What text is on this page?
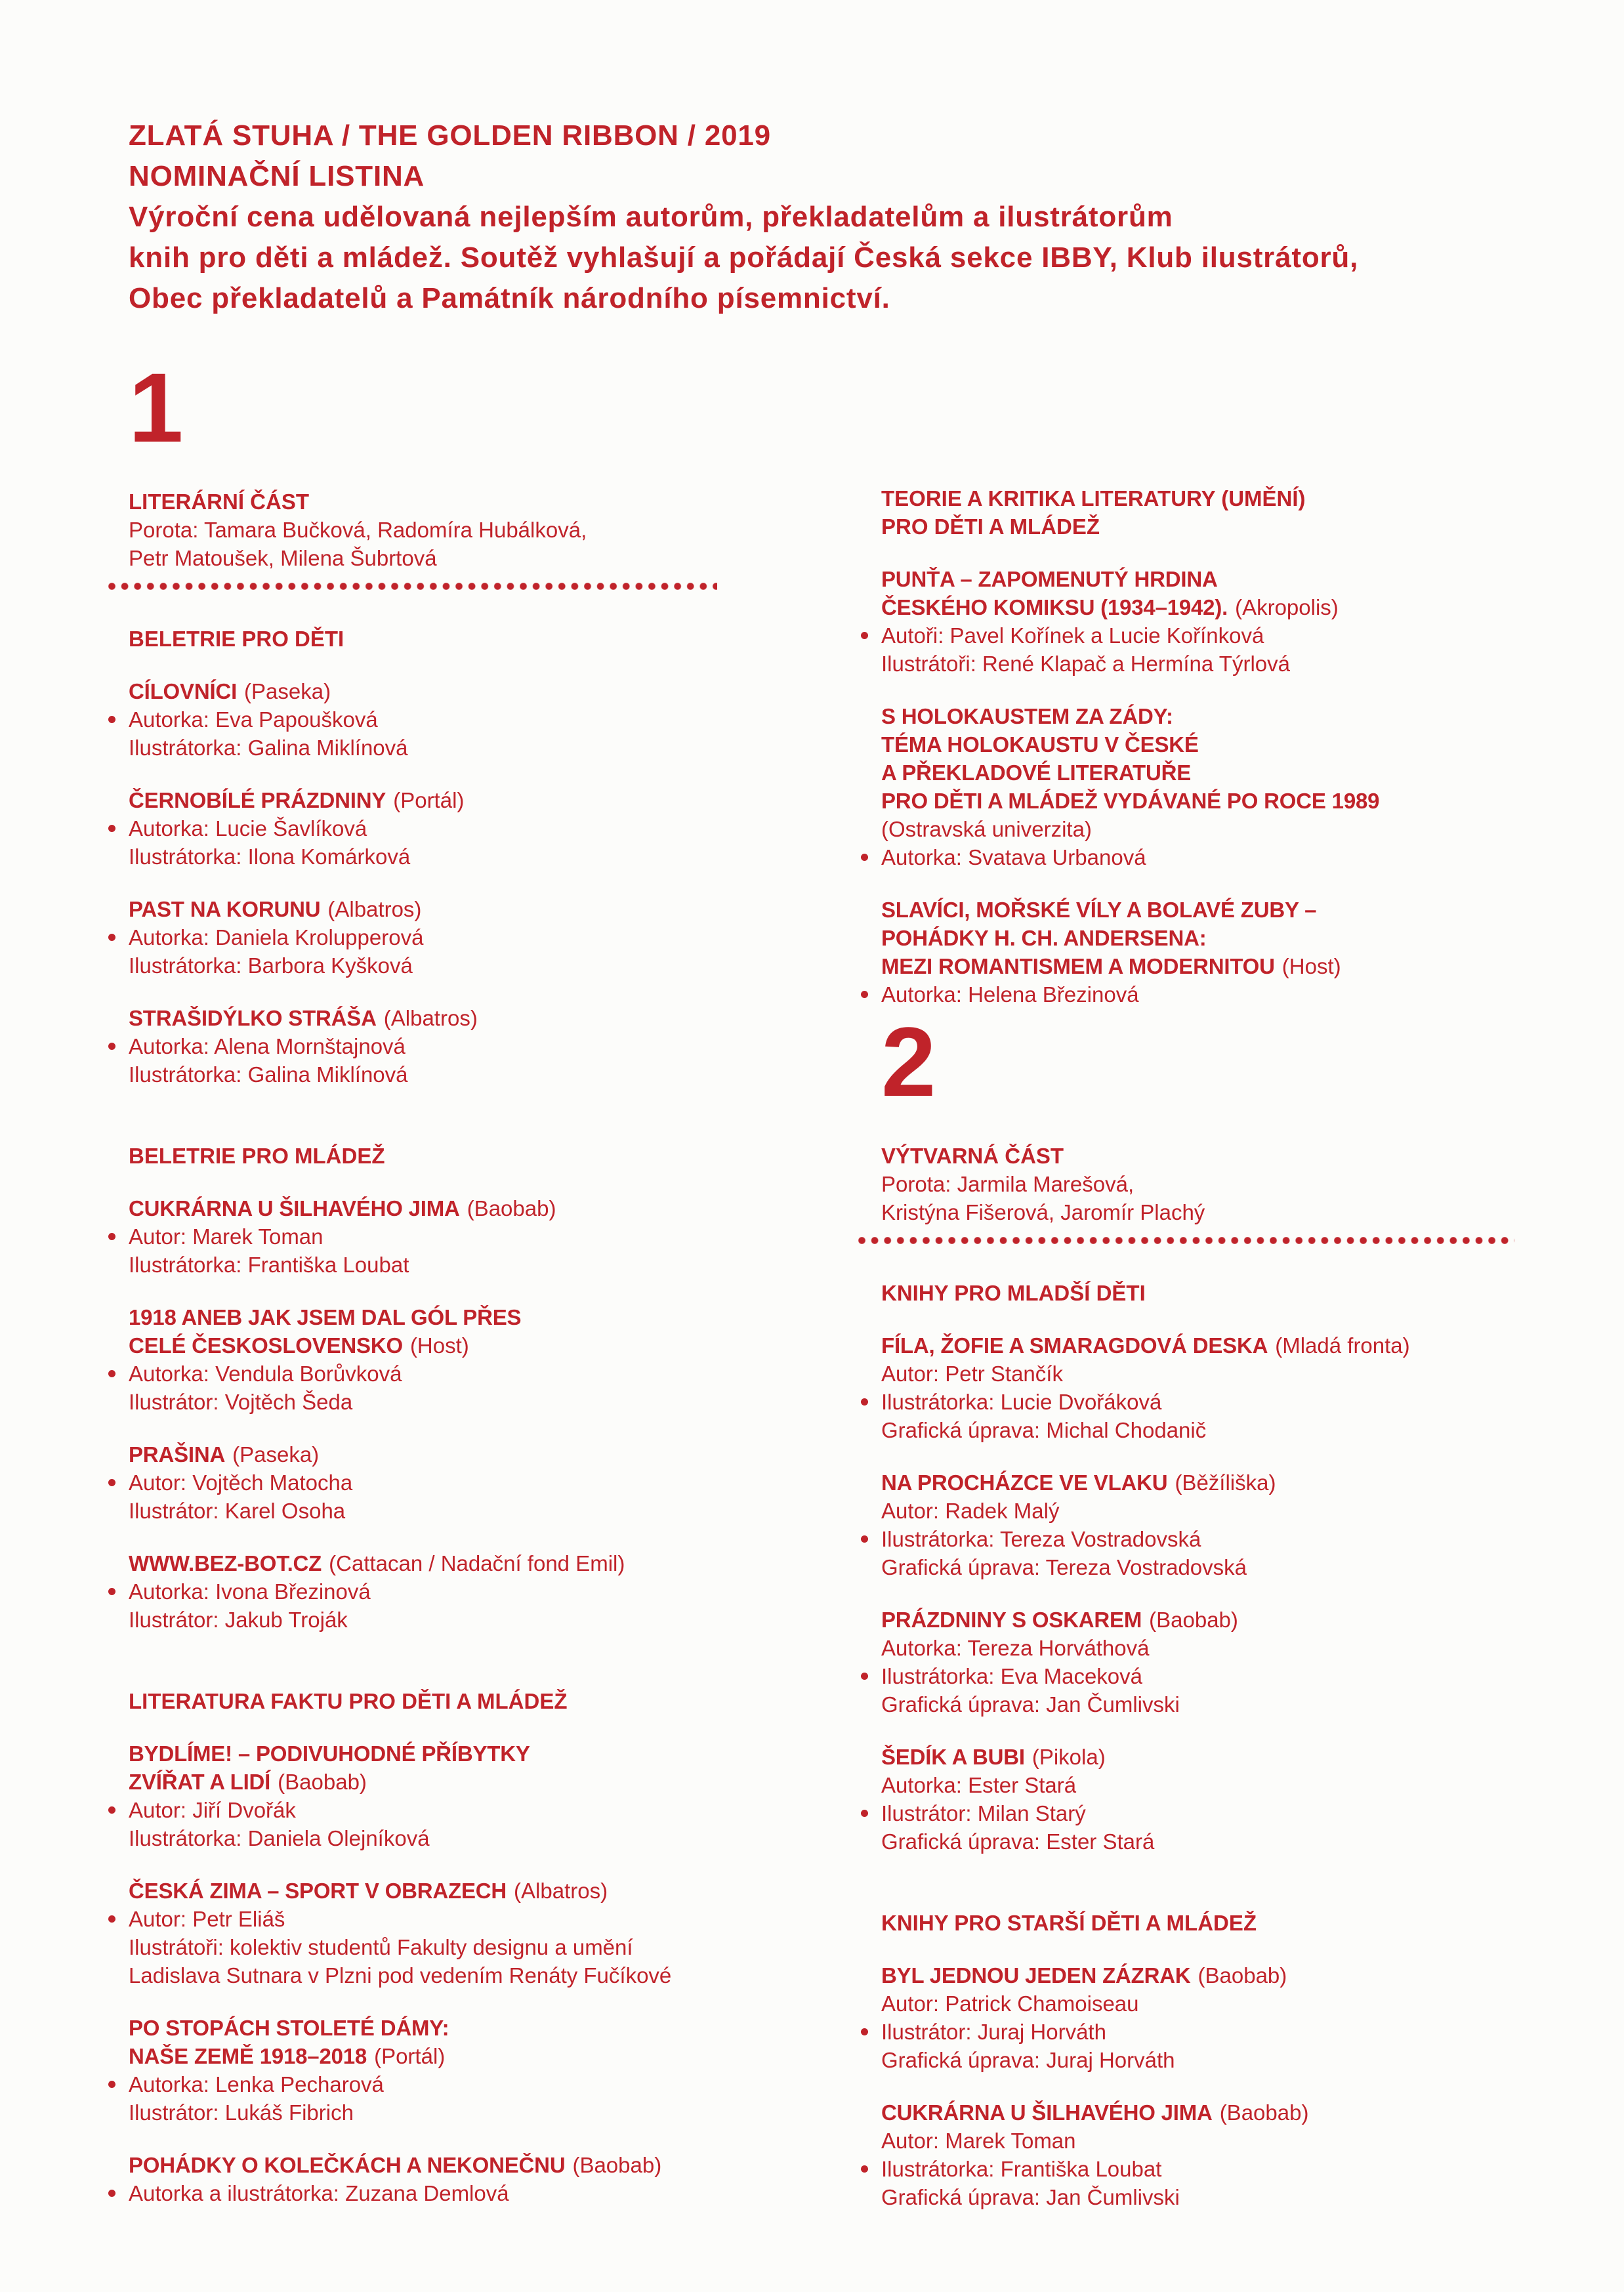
ZLATÁ STUHA / THE GOLDEN RIBBON / 2019
NOMINAČNÍ LISTINA
Výroční cena udělovaná nejlepším autorům, překladatelům a ilustrátorům
knih pro děti a mládež. Soutěž vyhlašují a pořádají Česká sekce IBBY, Klub ilustrátorů,
Obec překladatelů a Památník národního písemnictví.
1
LITERÁRNÍ ČÁST
Porota: Tamara Bučková, Radomíra Hubálková,
Petr Matoušek, Milena Šubrtová
BELETRIE PRO DĚTI
CÍLOVNÍCI (Paseka)
Autorka: Eva Papoušková
Ilustrátorka: Galina Miklínová
ČERNOBÍLÉ PRÁZDNINY (Portál)
Autorka: Lucie Šavlíková
Ilustrátorka: Ilona Komárková
PAST NA KORUNU (Albatros)
Autorka: Daniela Krolupperová
Ilustrátorka: Barbora Kyšková
STRAŠIDÝLKO STRÁŠA (Albatros)
Autorka: Alena Mornštajnová
Ilustrátorka: Galina Miklínová
BELETRIE PRO MLÁDEŽ
CUKRÁRNA U ŠILHAVÉHO JIMA (Baobab)
Autor: Marek Toman
Ilustrátorka: Františka Loubat
1918 ANEB JAK JSEM DAL GÓL PŘES
CELÉ ČESKOSLOVENSKO (Host)
Autorka: Vendula Borůvková
Ilustrátor: Vojtěch Šeda
PRAŠINA (Paseka)
Autor: Vojtěch Matocha
Ilustrátor: Karel Osoha
WWW.BEZ-BOT.CZ (Cattacan / Nadační fond Emil)
Autorka: Ivona Březinová
Ilustrátor: Jakub Troják
LITERATURA FAKTU PRO DĚTI A MLÁDEŽ
BYDLÍME! – PODIVUHODNÉ PŘÍBYTKY
ZVÍŘAT A LIDÍ (Baobab)
Autor: Jiří Dvořák
Ilustrátorka: Daniela Olejníková
ČESKÁ ZIMA – SPORT V OBRAZECH (Albatros)
Autor: Petr Eliáš
Ilustrátoři: kolektiv studentů Fakulty designu a umění
Ladislava Sutnara v Plzni pod vedením Renáty Fučíkové
PO STOPÁCH STOLETÉ DÁMY:
NAŠE ZEMĚ 1918–2018 (Portál)
Autorka: Lenka Pecharová
Ilustrátor: Lukáš Fibrich
POHÁDKY O KOLEČKÁCH A NEKONEČNU (Baobab)
Autorka a ilustrátorka: Zuzana Demlová
TEORIE A KRITIKA LITERATURY (UMĚNÍ)
PRO DĚTI A MLÁDEŽ
PUNŤA – ZAPOMENUTÝ HRDINA
ČESKÉHO KOMIKSU (1934–1942). (Akropolis)
Autoři: Pavel Kořínek a Lucie Kořínková
Ilustrátoři: René Klapač a Hermína Týrlová
S HOLOKAUSTEM ZA ZÁDY:
TÉMA HOLOKAUSTU V ČESKÉ
A PŘEKLADOVÉ LITERATUŘE
PRO DĚTI A MLÁDEŽ VYDÁVANÉ PO ROCE 1989
(Ostravská univerzita)
Autorka: Svatava Urbanová
SLAVÍCI, MOŘSKÉ VÍLY A BOLAVÉ ZUBY –
POHÁDKY H. CH. ANDERSENA:
MEZI ROMANTISMEM A MODERNITOU (Host)
Autorka: Helena Březinová
2
VÝTVARNÁ ČÁST
Porota: Jarmila Marešová,
Kristýna Fišerová, Jaromír Plachý
KNIHY PRO MLADŠÍ DĚTI
FÍLA, ŽOFIE A SMARAGDOVÁ DESKA (Mladá fronta)
Autor: Petr Stančík
Ilustrátorka: Lucie Dvořáková
Grafická úprava: Michal Chodanič
NA PROCHÁZCE VE VLAKU (Běžíliška)
Autor: Radek Malý
Ilustrátorka: Tereza Vostradovská
Grafická úprava: Tereza Vostradovská
PRÁZDNINY S OSKAREM (Baobab)
Autorka: Tereza Horváthová
Ilustrátorka: Eva Maceková
Grafická úprava: Jan Čumlivski
ŠEDÍK A BUBI (Pikola)
Autorka: Ester Stará
Ilustrátor: Milan Starý
Grafická úprava: Ester Stará
KNIHY PRO STARŠÍ DĚTI A MLÁDEŽ
BYL JEDNOU JEDEN ZÁZRAK (Baobab)
Autor: Patrick Chamoiseau
Ilustrátor: Juraj Horváth
Grafická úprava: Juraj Horváth
CUKRÁRNA U ŠILHAVÉHO JIMA (Baobab)
Autor: Marek Toman
Ilustrátorka: Františka Loubat
Grafická úprava: Jan Čumlivski
